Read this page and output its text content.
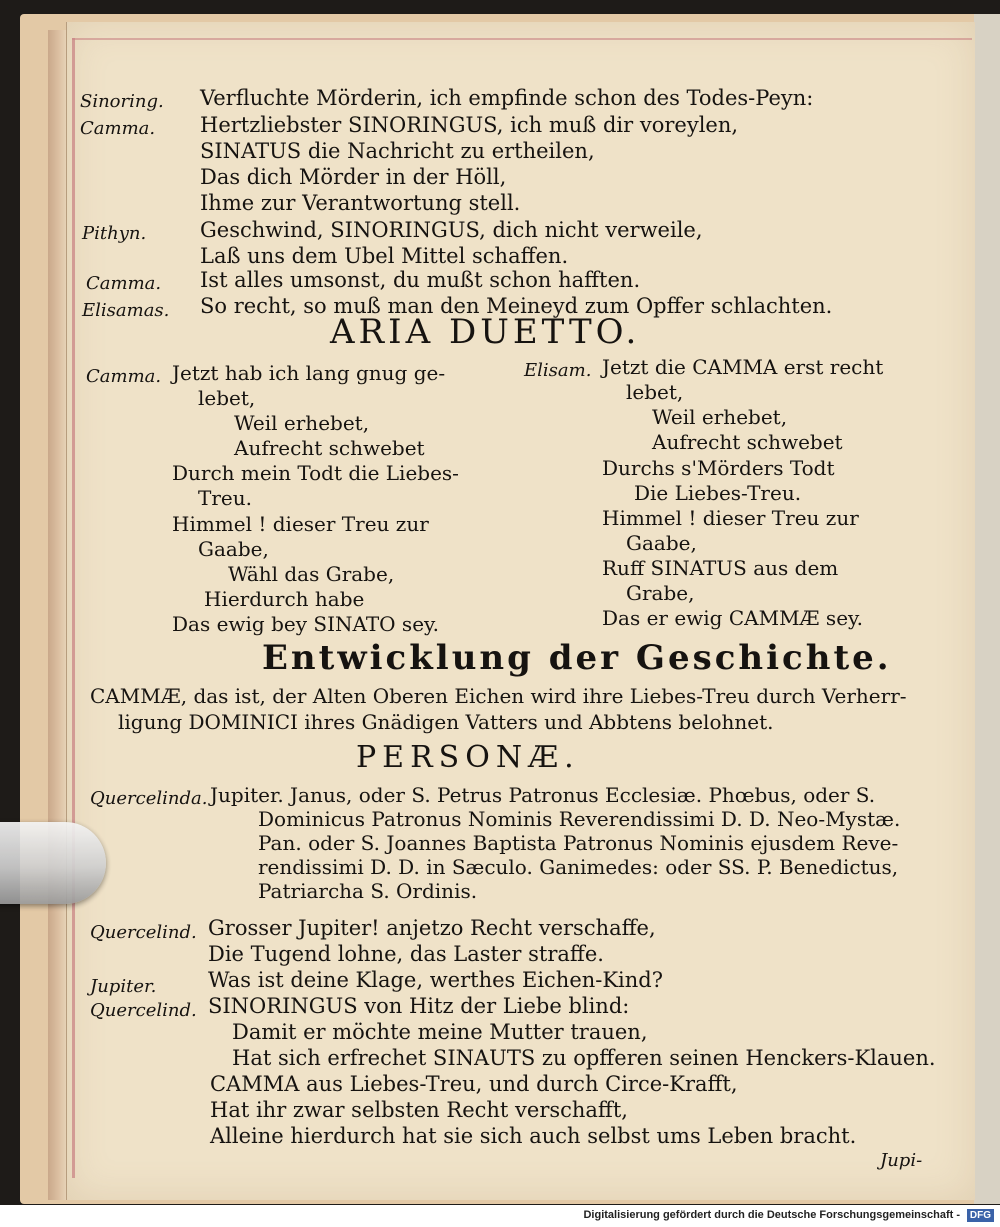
Sinoring. Verfluchte Mörderin, ich empfinde schon des Todes-Peyn:
Camma. Hertzliebster SINORINGUS, ich muß dir voreylen,
SINATUS die Nachricht zu ertheilen,
Das dich Mörder in der Höll,
Ihme zur Verantwortung stell.
Pithyn.	Geschwind, SINORINGUS, dich nicht verweile,
Laß uns dem Ubel Mittel schaffen.
Camma. Ist alles umsonst, du mußt schon hafften.
Elisamas. So recht, so muß man den Meineyd zum Opffer schlachten.
ARIA DUETTO.
Camma. Jetzt hab ich lang gnug ge-
lebet,
Weil erhebet,
Aufrecht schwebet
Durch mein Todt die Liebes-
Treu.
Himmel ! dieser Treu zur
Gaabe,
Wähl das Grabe,
Hierdurch habe
Das ewig bey SINATO sey.
Elisam. Jetzt die CAMMA erst recht
lebet,
Weil erhebet,
Aufrecht schwebet
Durchs s'Mörders Todt
Die Liebes-Treu.
Himmel ! dieser Treu zur
Gaabe,
Ruff SINATUS aus dem
Grabe,
Das er ewig CAMMÆ sey.
Entwicklung der Geschichte.
CAMMÆ, das ist, der Alten Oberen Eichen wird ihre Liebes-Treu durch Verherr-
ligung DOMINICI ihres Gnädigen Vatters und Abbtens belohnet.
PERSONÆ.
Quercelinda. Jupiter. Janus, oder S. Petrus Patronus Ecclesiæ. Phœbus, oder S.
Dominicus Patronus Nominis Reverendissimi D. D. Neo-Mystæ.
Pan. oder S. Joannes Baptista Patronus Nominis ejusdem Reve-
rendissimi D. D. in Sæculo. Ganimedes: oder SS. P. Benedictus,
Patriarcha S. Ordinis.
Quercelind. Grosser Jupiter! anjetzo Recht verschaffe,
Die Tugend lohne, das Laster straffe.
Jupiter. Was ist deine Klage, werthes Eichen-Kind?
Quercelind. SINORINGUS von Hitz der Liebe blind:
Damit er möchte meine Mutter trauen,
Hat sich erfrechet SINAUTS zu opfferen seinen Henckers-Klauen.
CAMMA aus Liebes-Treu, und durch Circe-Krafft,
Hat ihr zwar selbsten Recht verschafft,
Alleine hierdurch hat sie sich auch selbst ums Leben bracht.
Jupi-
Digitalisierung gefördert durch die Deutsche Forschungsgemeinschaft - DFG
